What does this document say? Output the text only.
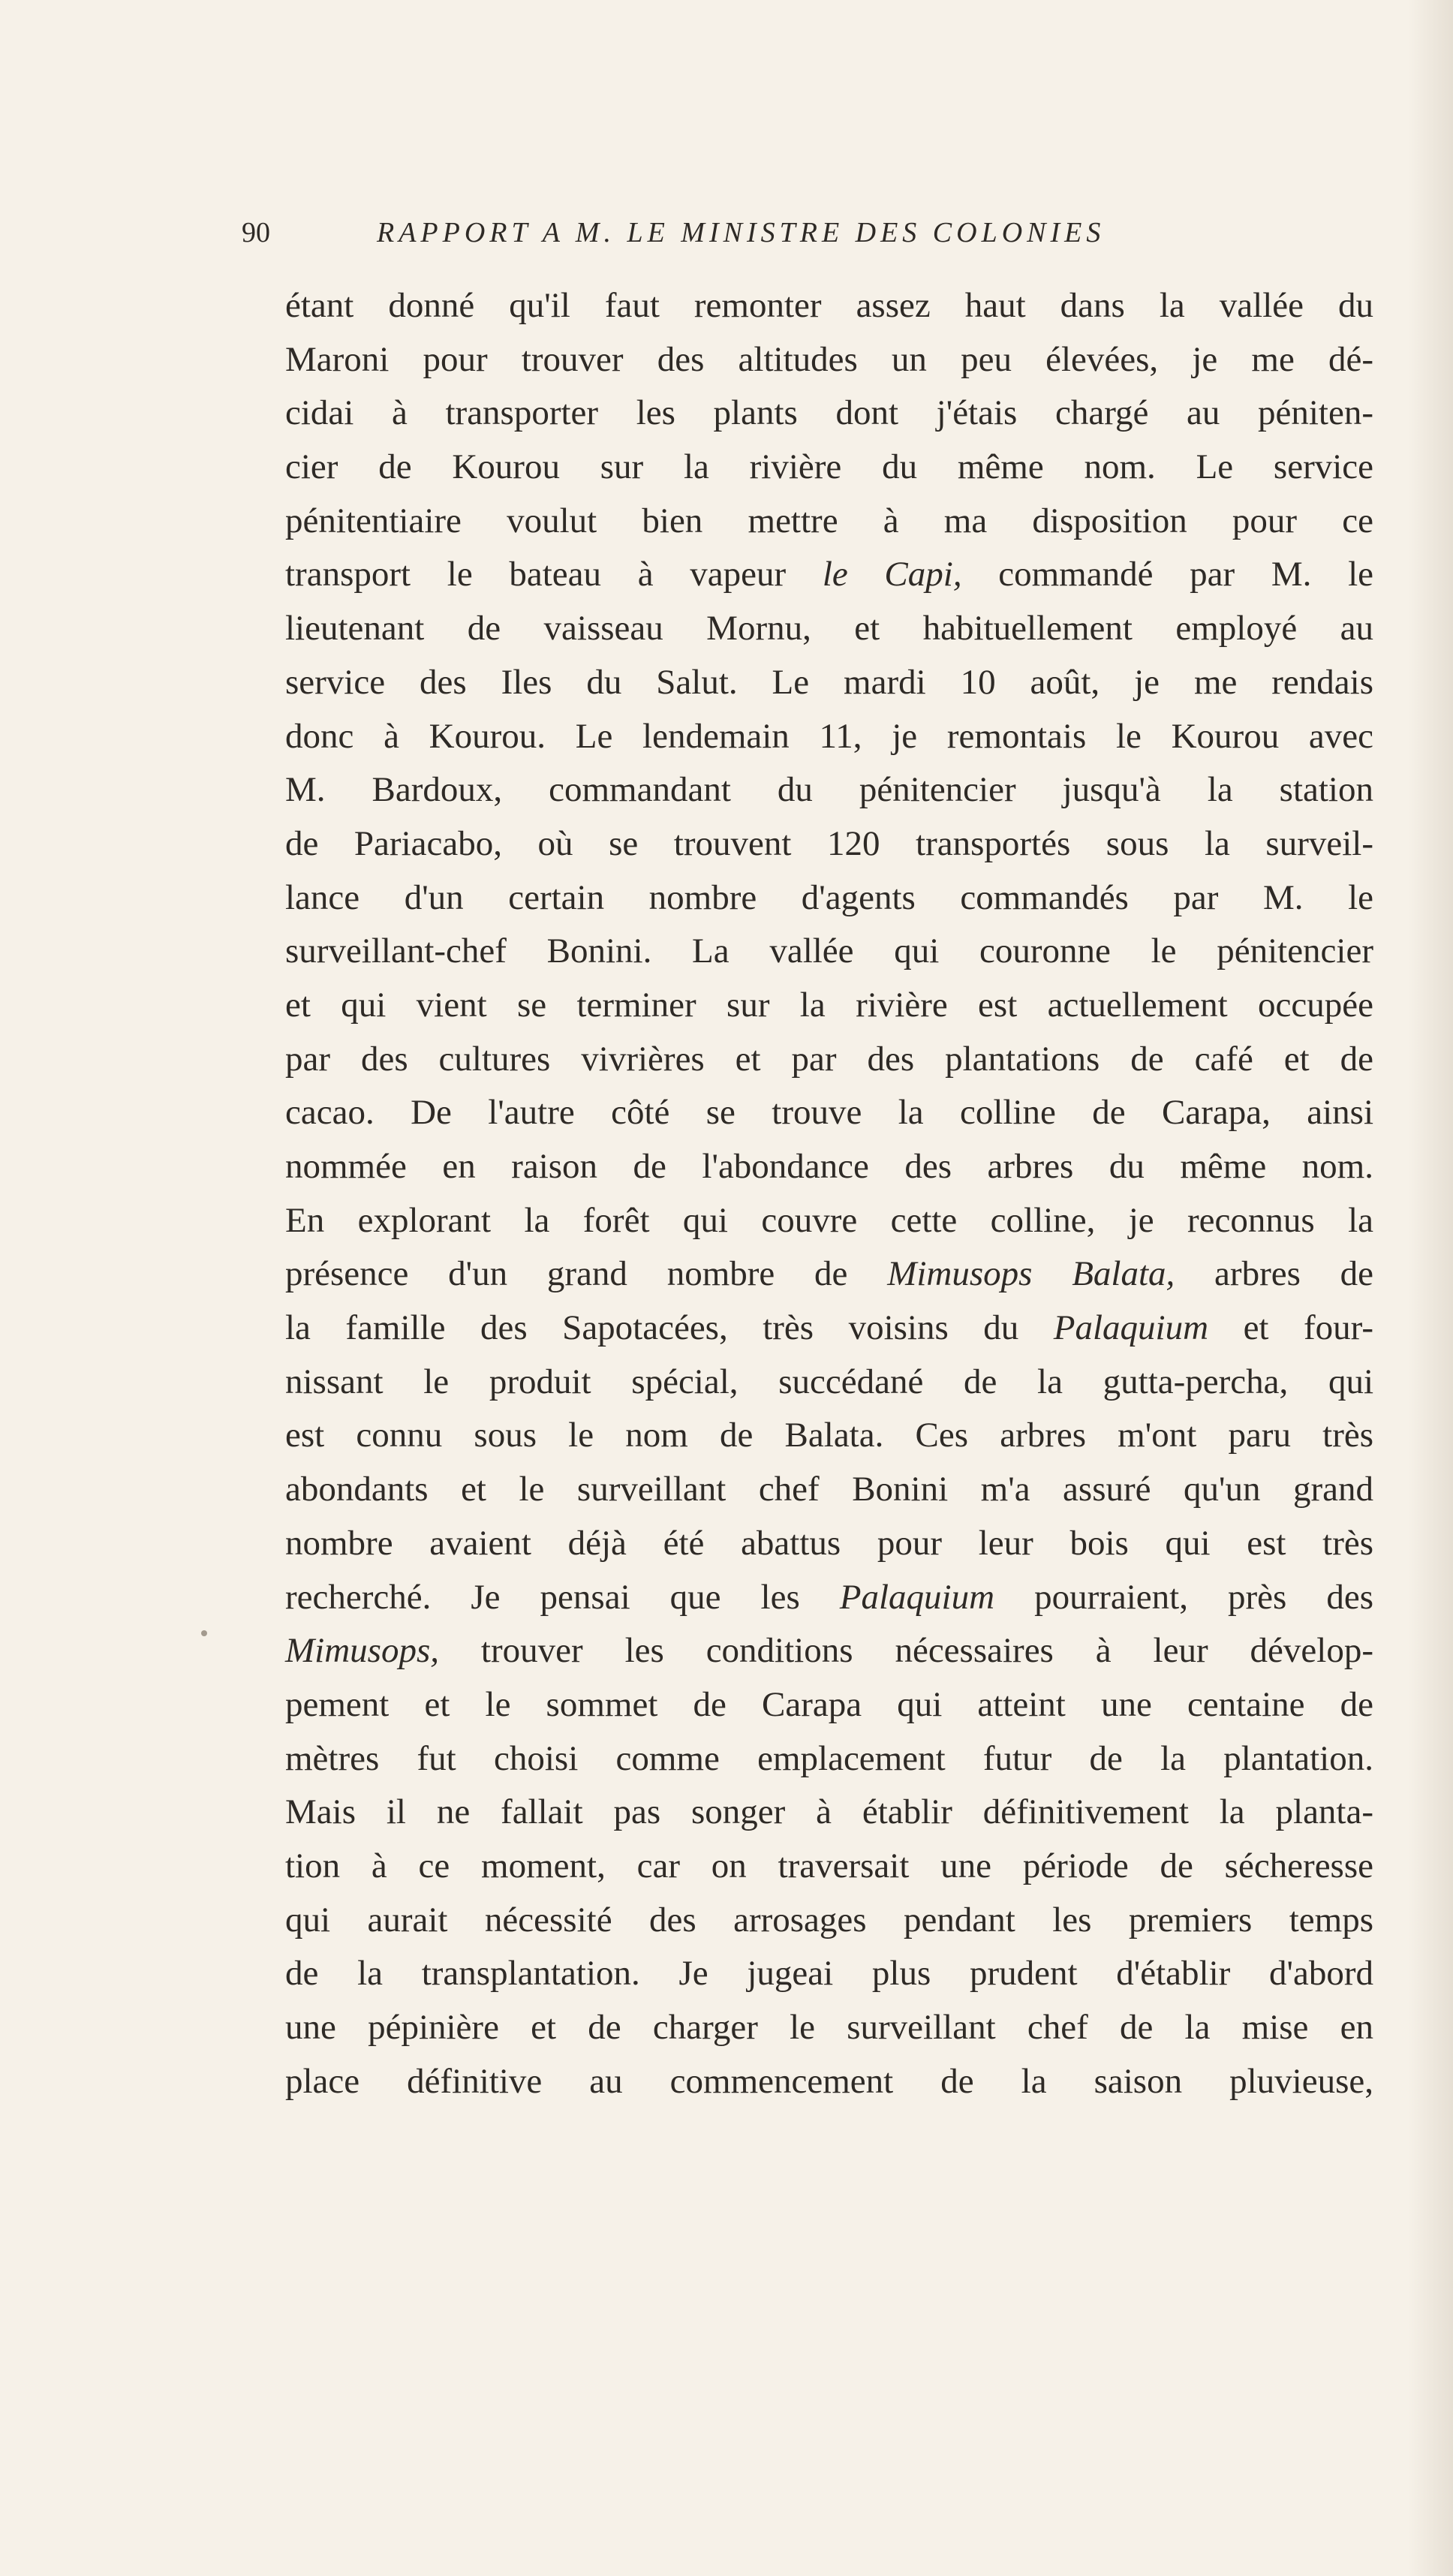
90	RAPPORT A M. LE MINISTRE DES COLONIES
étant donné qu'il faut remonter assez haut dans la vallée du
Maroni pour trouver des altitudes un peu élevées, je me dé-
cidai à transporter les plants dont j'étais chargé au péniten-
cier de Kourou sur la rivière du même nom. Le service
pénitentiaire voulut bien mettre à ma disposition pour ce
transport le bateau à vapeur le Capi, commandé par M. le
lieutenant de vaisseau Mornu, et habituellement employé au
service des Iles du Salut. Le mardi 10 août, je me rendais
donc à Kourou. Le lendemain 11, je remontais le Kourou avec
M. Bardoux, commandant du pénitencier jusqu'à la station
de Pariacabo, où se trouvent 120 transportés sous la surveil-
lance d'un certain nombre d'agents commandés par M. le
surveillant-chef Bonini. La vallée qui couronne le pénitencier
et qui vient se terminer sur la rivière est actuellement occupée
par des cultures vivrières et par des plantations de café et de
cacao. De l'autre côté se trouve la colline de Carapa, ainsi
nommée en raison de l'abondance des arbres du même nom.
En explorant la forêt qui couvre cette colline, je reconnus la
présence d'un grand nombre de Mimusops Balata, arbres de
la famille des Sapotacées, très voisins du Palaquium et four-
nissant le produit spécial, succédané de la gutta-percha, qui
est connu sous le nom de Balata. Ces arbres m'ont paru très
abondants et le surveillant chef Bonini m'a assuré qu'un grand
nombre avaient déjà été abattus pour leur bois qui est très
recherché. Je pensai que les Palaquium pourraient, près des
Mimusops, trouver les conditions nécessaires à leur dévelop-
pement et le sommet de Carapa qui atteint une centaine de
mètres fut choisi comme emplacement futur de la plantation.
Mais il ne fallait pas songer à établir définitivement la planta-
tion à ce moment, car on traversait une période de sécheresse
qui aurait nécessité des arrosages pendant les premiers temps
de la transplantation. Je jugeai plus prudent d'établir d'abord
une pépinière et de charger le surveillant chef de la mise en
place définitive au commencement de la saison pluvieuse,
